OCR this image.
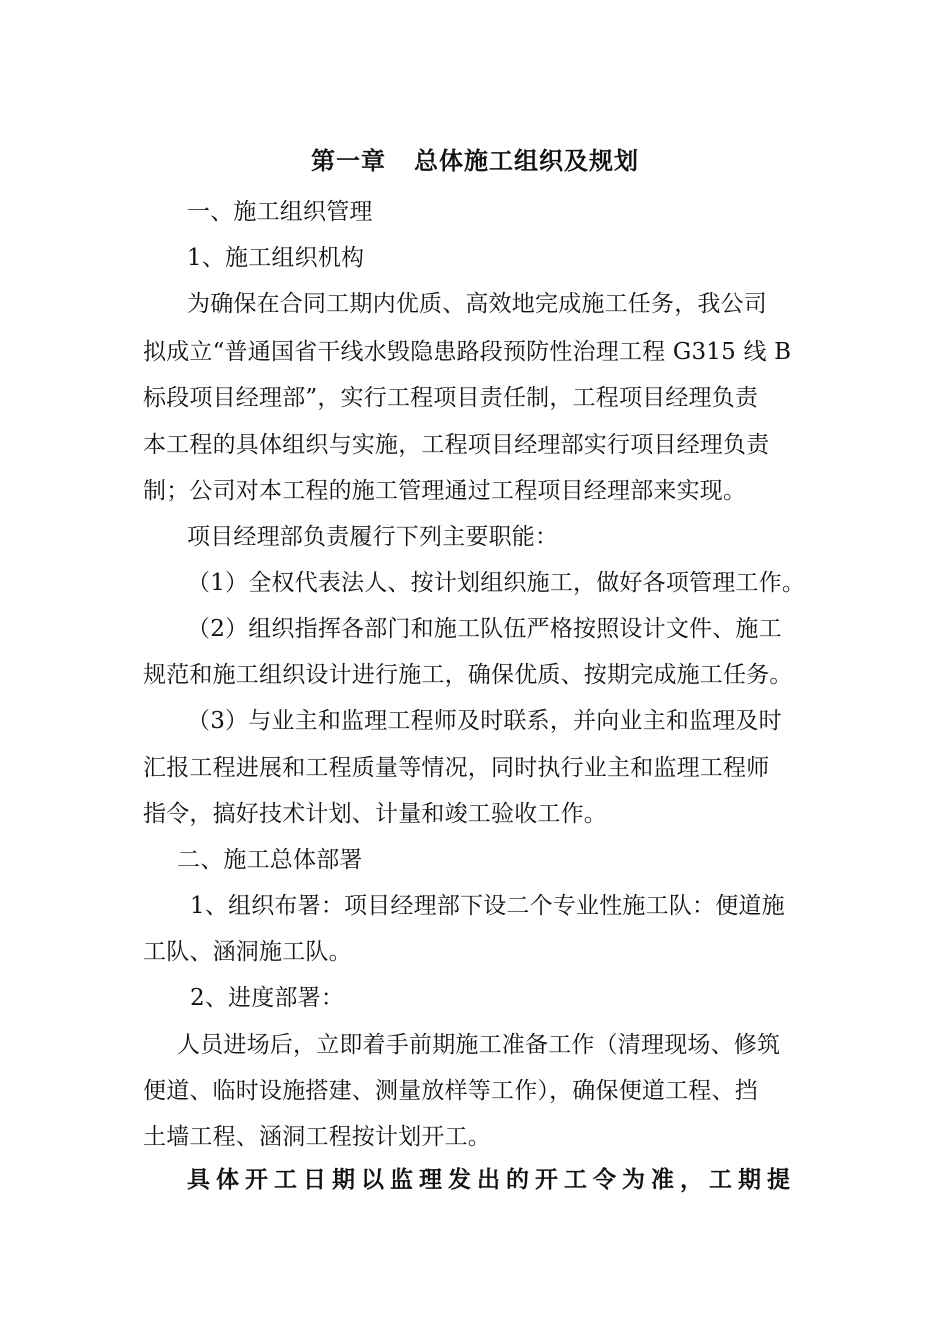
第一章 总体施工组织及规划
一、施工组织管理
1、施工组织机构
为确保在合同工期内优质、高效地完成施工任务，我公司
拟成立“普通国省干线水毁隐患路段预防性治理工程 G315 线 B
标段项目经理部”，实行工程项目责任制，工程项目经理负责
本工程的具体组织与实施，工程项目经理部实行项目经理负责
制；公司对本工程的施工管理通过工程项目经理部来实现。
项目经理部负责履行下列主要职能：
（1）全权代表法人、按计划组织施工，做好各项管理工作。
（2）组织指挥各部门和施工队伍严格按照设计文件、施工
规范和施工组织设计进行施工，确保优质、按期完成施工任务。
（3）与业主和监理工程师及时联系，并向业主和监理及时
汇报工程进展和工程质量等情况，同时执行业主和监理工程师
指令，搞好技术计划、计量和竣工验收工作。
二、施工总体部署
1、组织布署：项目经理部下设二个专业性施工队：便道施
工队、涵洞施工队。
2、进度部署：
人员进场后，立即着手前期施工准备工作（清理现场、修筑
便道、临时设施搭建、测量放样等工作），确保便道工程、挡
土墙工程、涵洞工程按计划开工。
具体开工日期以监理发出的开工令为准，工期提
